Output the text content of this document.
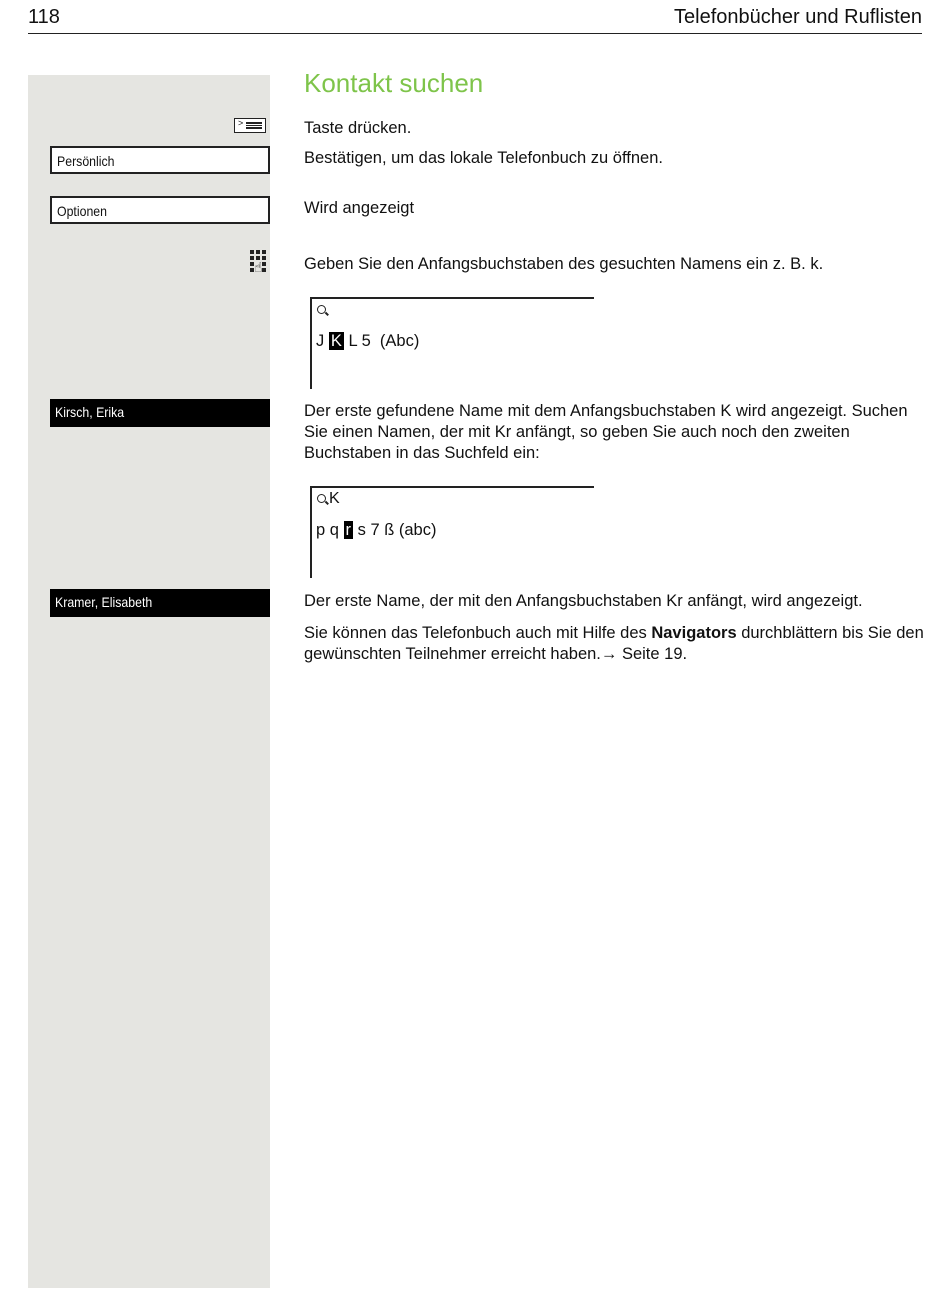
118	Telefonbücher und Ruflisten
>
Persönlich
Optionen
☝
Kirsch, Erika
Kramer, Elisabeth
Kontakt suchen
Taste drücken.
Bestätigen, um das lokale Telefonbuch zu öffnen.
Wird angezeigt
Geben Sie den Anfangsbuchstaben des gesuchten Namens ein z. B. k.
J K L 5  (Abc)
Der erste gefundene Name mit dem Anfangsbuchstaben K wird angezeigt. Suchen Sie einen Namen, der mit Kr anfängt, so geben Sie auch noch den zweiten Buchstaben in das Suchfeld ein:
K
p q r s 7 ß (abc)
Der erste Name, der mit den Anfangsbuchstaben Kr anfängt, wird angezeigt.
Sie können das Telefonbuch auch mit Hilfe des Navigators durchblättern bis Sie den gewünschten Teilnehmer erreicht haben.→ Seite 19.
